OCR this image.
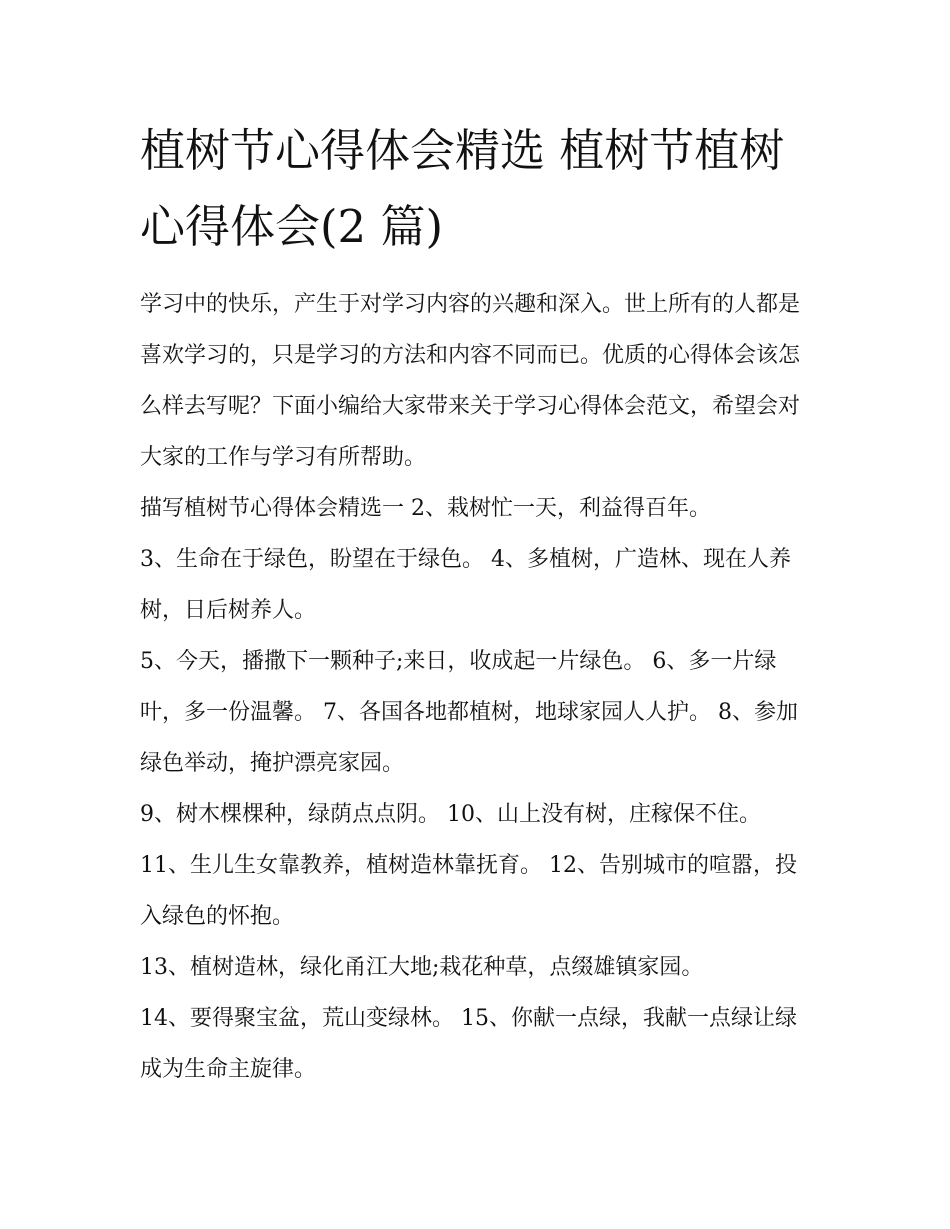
植树节心得体会精选 植树节植树心得体会(2 篇)

学习中的快乐，产生于对学习内容的兴趣和深入。世上所有的人都是喜欢学习的，只是学习的方法和内容不同而已。优质的心得体会该怎么样去写呢？下面小编给大家带来关于学习心得体会范文，希望会对大家的工作与学习有所帮助。

描写植树节心得体会精选一 2、栽树忙一天，利益得百年。

3、生命在于绿色，盼望在于绿色。 4、多植树，广造林、现在人养树，日后树养人。

5、今天，播撒下一颗种子;来日，收成起一片绿色。 6、多一片绿叶，多一份温馨。 7、各国各地都植树，地球家园人人护。 8、参加绿色举动，掩护漂亮家园。

9、树木棵棵种，绿荫点点阴。 10、山上没有树，庄稼保不住。 11、生儿生女靠教养，植树造林靠抚育。 12、告别城市的喧嚣，投入绿色的怀抱。

13、植树造林，绿化甬江大地;栽花种草，点缀雄镇家园。

14、要得聚宝盆，荒山变绿林。 15、你献一点绿，我献一点绿让绿成为生命主旋律。
